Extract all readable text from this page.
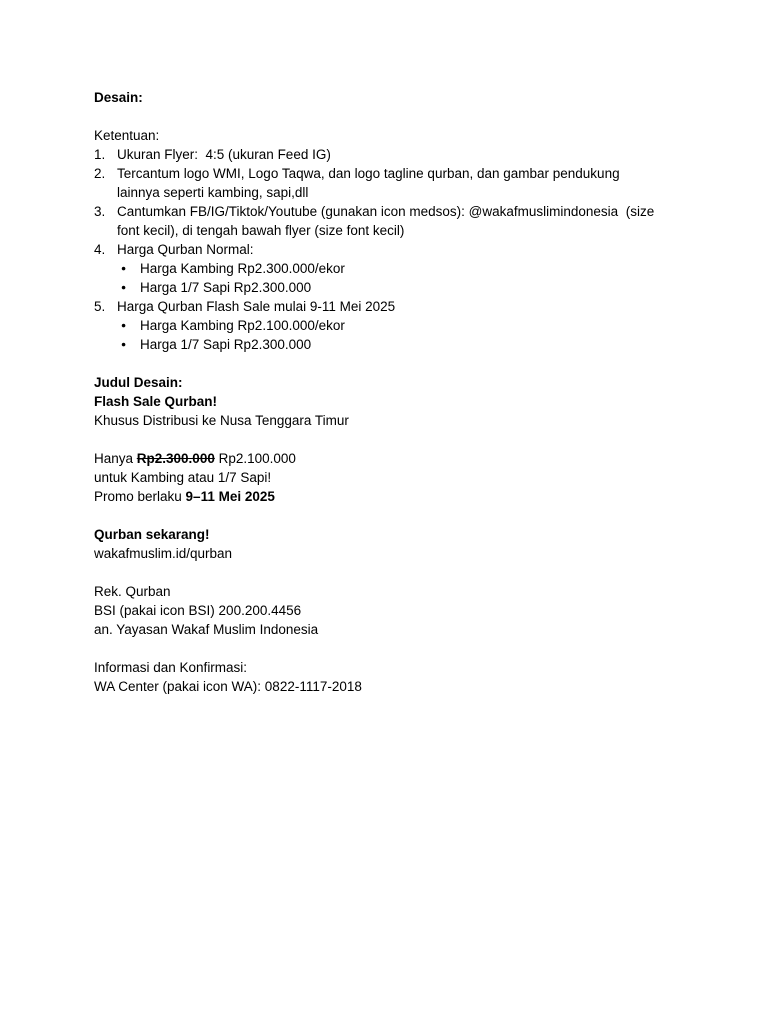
Desain:

Ketentuan:

1. Ukuran Flyer:  4:5 (ukuran Feed IG)
2. Tercantum logo WMI, Logo Taqwa, dan logo tagline qurban, dan gambar pendukung lainnya seperti kambing, sapi,dll
3. Cantumkan FB/IG/Tiktok/Youtube (gunakan icon medsos): @wakafmuslimindonesia  (size font kecil), di tengah bawah flyer (size font kecil)
4. Harga Qurban Normal:
●	Harga Kambing Rp2.300.000/ekor
●	Harga 1/7 Sapi Rp2.300.000
5. Harga Qurban Flash Sale mulai 9-11 Mei 2025
●	Harga Kambing Rp2.100.000/ekor
●	Harga 1/7 Sapi Rp2.300.000

Judul Desain:

Flash Sale Qurban!

Khusus Distribusi ke Nusa Tenggara Timur

Hanya Rp2.300.000 Rp2.100.000

untuk Kambing atau 1/7 Sapi!

Promo berlaku 9–11 Mei 2025

Qurban sekarang!

wakafmuslim.id/qurban

Rek. Qurban

BSI (pakai icon BSI) 200.200.4456

an. Yayasan Wakaf Muslim Indonesia

Informasi dan Konfirmasi:

WA Center (pakai icon WA): 0822-1117-2018
